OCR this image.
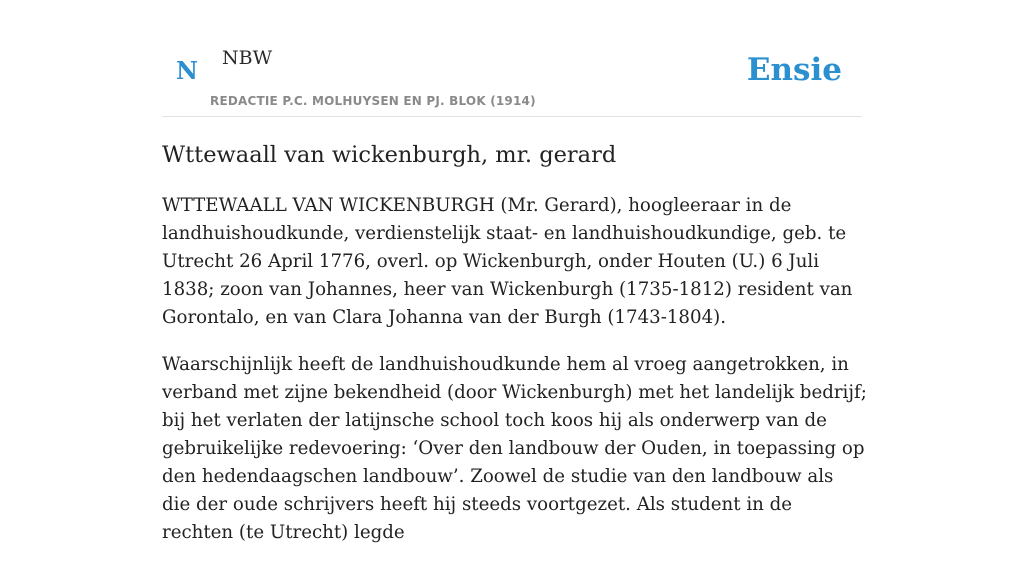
N NBW
REDACTIE P.C. MOLHUYSEN EN PJ. BLOK (1914)
Ensie
Wttewaall van wickenburgh, mr. gerard

WTTEWAALL VAN WICKENBURGH (Mr. Gerard), hoogleeraar in de landhuishoudkunde, verdienstelijk staat- en landhuishoudkundige, geb. te Utrecht 26 April 1776, overl. op Wickenburgh, onder Houten (U.) 6 Juli 1838; zoon van Johannes, heer van Wickenburgh (1735-1812) resident van Gorontalo, en van Clara Johanna van der Burgh (1743-1804).

Waarschijnlijk heeft de landhuishoudkunde hem al vroeg aangetrokken, in verband met zijne bekendheid (door Wickenburgh) met het landelijk bedrijf; bij het verlaten der latijnsche school toch koos hij als onderwerp van de gebruikelijke redevoering: ‘Over den landbouw der Ouden, in toepassing op den hedendaagschen landbouw’. Zoowel de studie van den landbouw als die der oude schrijvers heeft hij steeds voortgezet. Als student in de rechten (te Utrecht) legde
